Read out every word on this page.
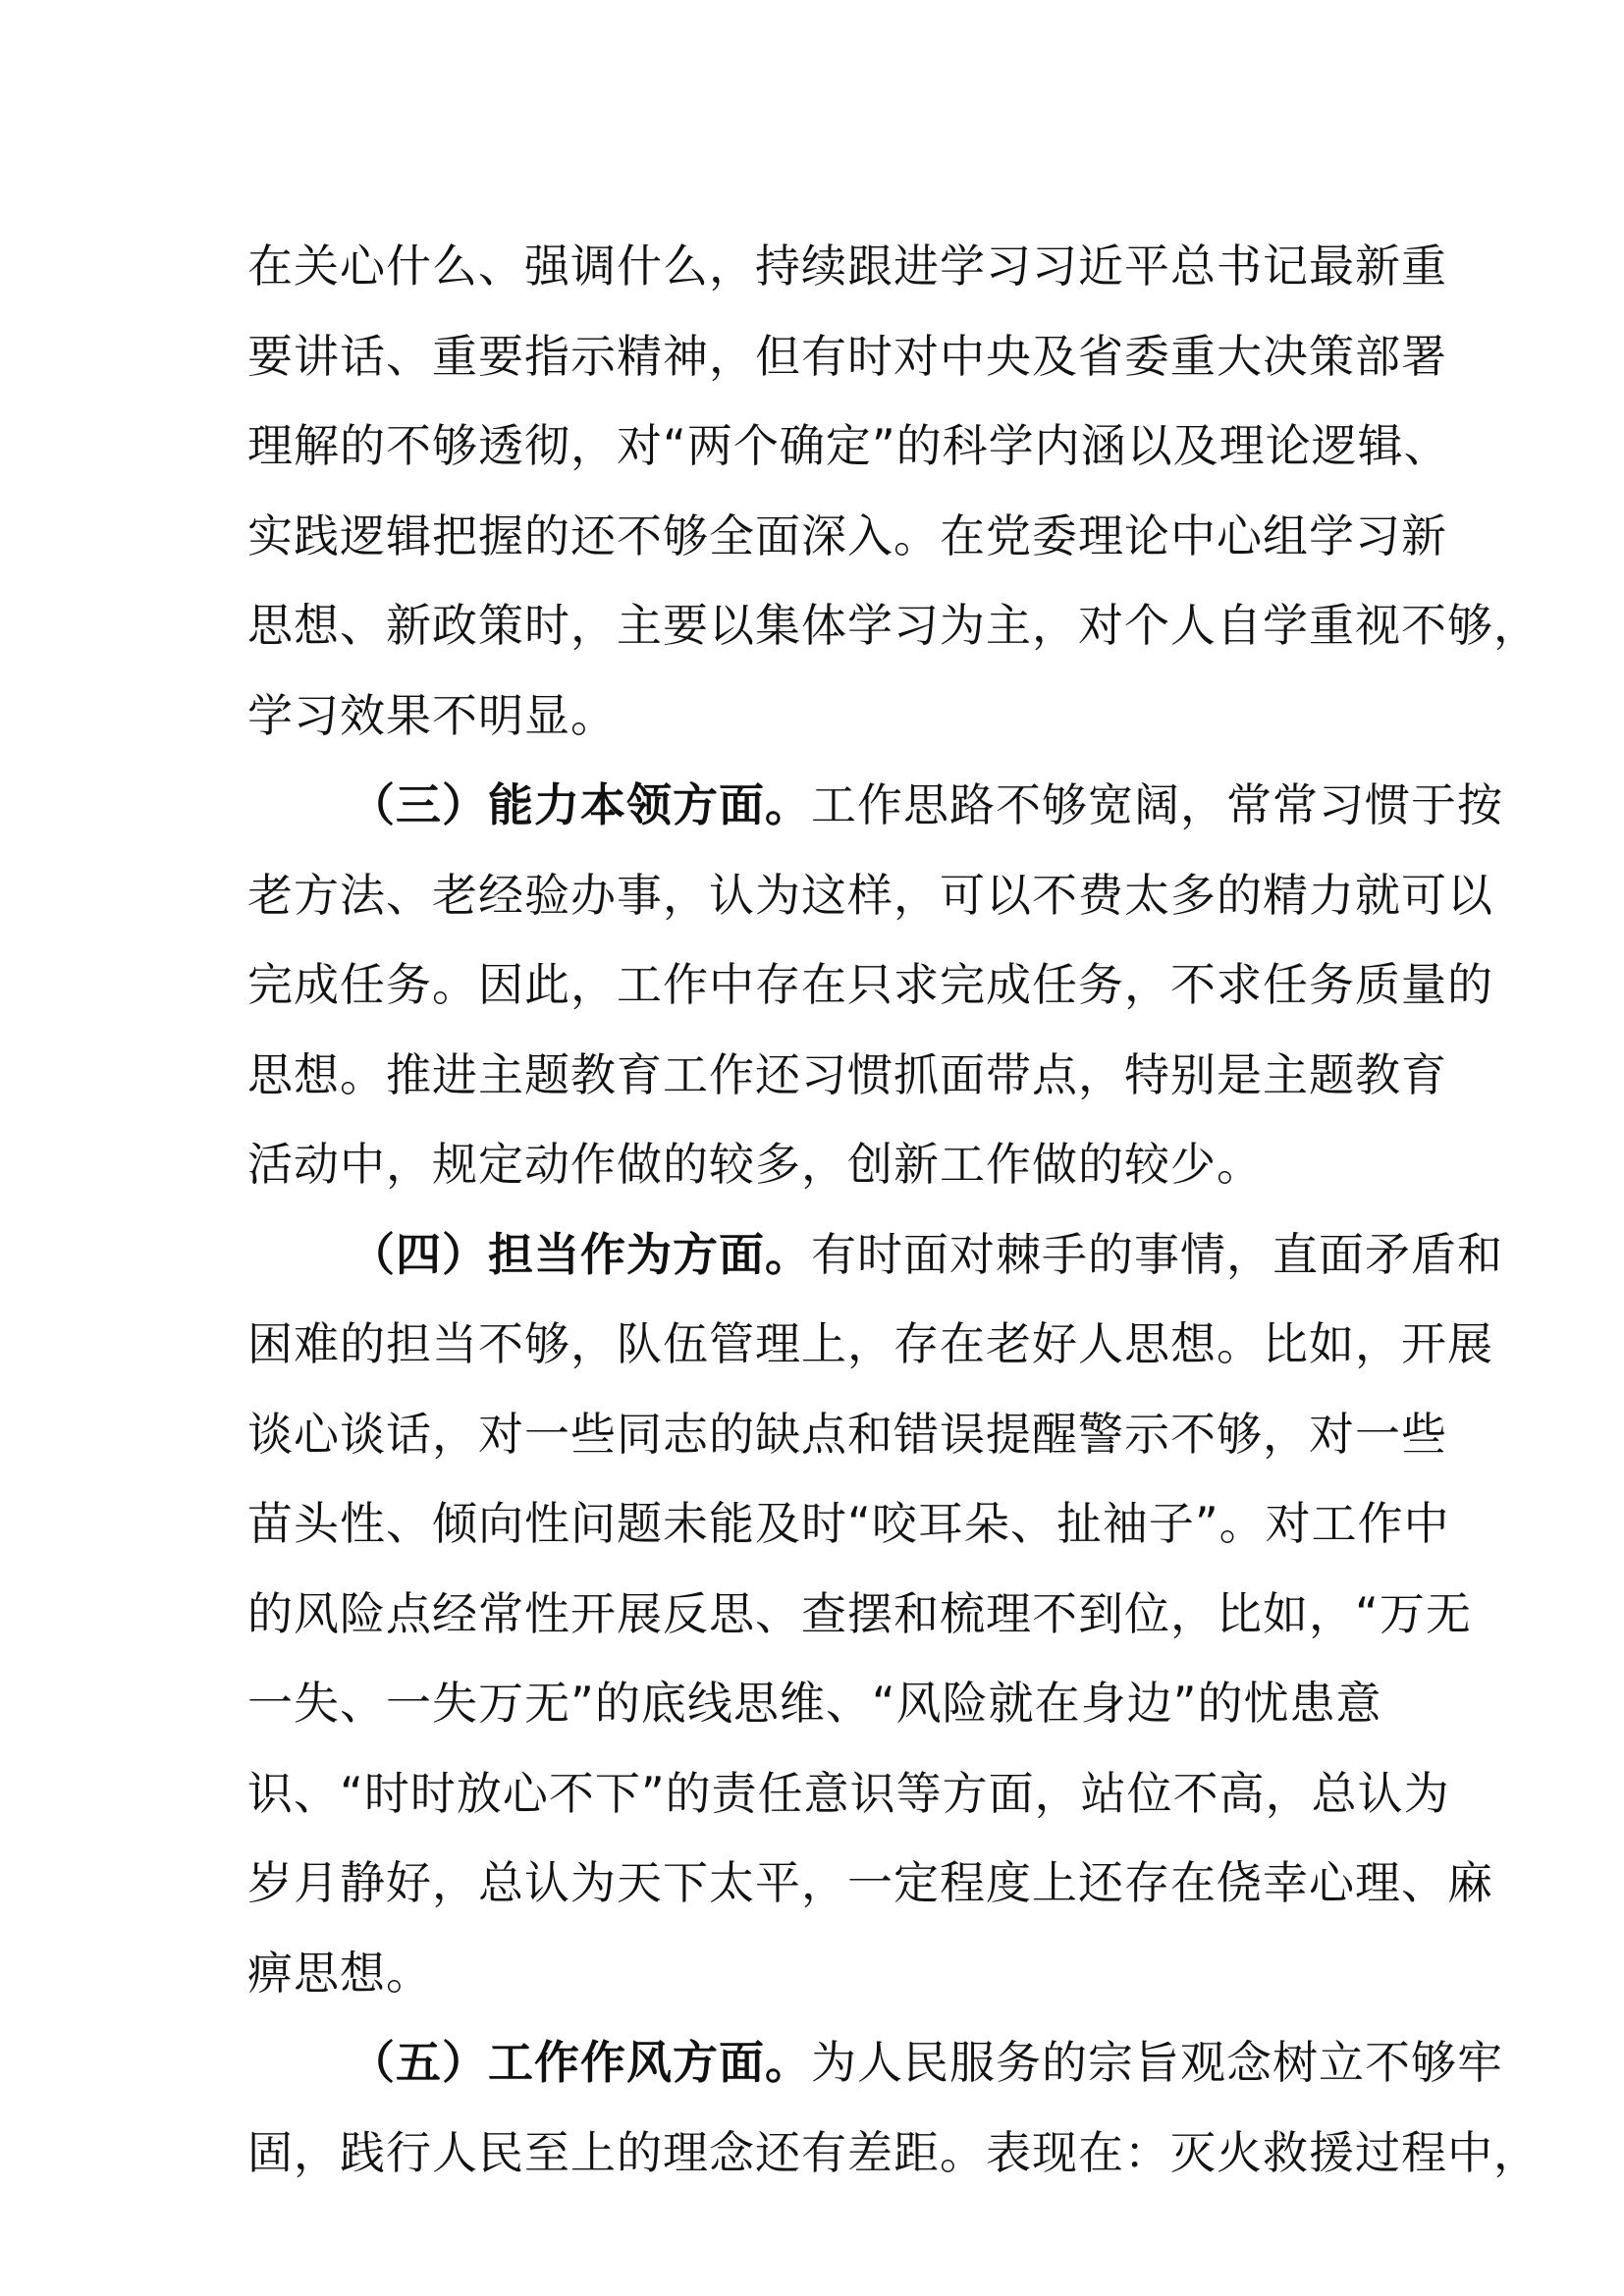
在关心什么、强调什么，持续跟进学习习近平总书记最新重
要讲话、重要指示精神，但有时对中央及省委重大决策部署
理解的不够透彻，对“两个确定”的科学内涵以及理论逻辑、
实践逻辑把握的还不够全面深入。在党委理论中心组学习新
思想、新政策时，主要以集体学习为主，对个人自学重视不够，
学习效果不明显。
（三）能力本领方面。工作思路不够宽阔，常常习惯于按
老方法、老经验办事，认为这样，可以不费太多的精力就可以
完成任务。因此，工作中存在只求完成任务，不求任务质量的
思想。推进主题教育工作还习惯抓面带点，特别是主题教育
活动中，规定动作做的较多，创新工作做的较少。
（四）担当作为方面。有时面对棘手的事情，直面矛盾和
困难的担当不够，队伍管理上，存在老好人思想。比如，开展
谈心谈话，对一些同志的缺点和错误提醒警示不够，对一些
苗头性、倾向性问题未能及时“咬耳朵、扯袖子”。对工作中
的风险点经常性开展反思、查摆和梳理不到位，比如，“万无
一失、一失万无”的底线思维、“风险就在身边”的忧患意
识、“时时放心不下”的责任意识等方面，站位不高，总认为
岁月静好，总认为天下太平，一定程度上还存在侥幸心理、麻
痹思想。
（五）工作作风方面。为人民服务的宗旨观念树立不够牢
固，践行人民至上的理念还有差距。表现在：灭火救援过程中，
